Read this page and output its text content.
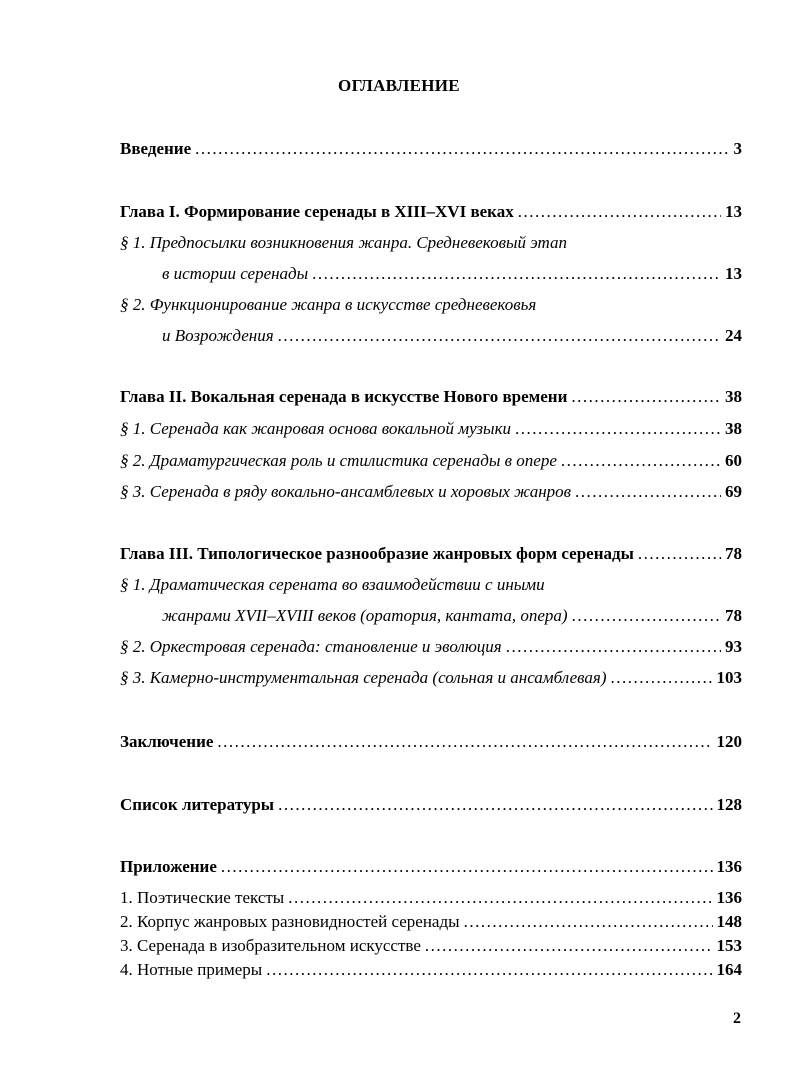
ОГЛАВЛЕНИЕ
Введение .....	3
Глава I. Формирование серенады в XIII–XVI веках .....	13
§ 1. Предпосылки возникновения жанра. Средневековый этап
в истории серенады .....	13
§ 2. Функционирование жанра в искусстве средневековья
и Возрождения .....	24
Глава II. Вокальная серенада в искусстве Нового времени .....	38
§ 1. Серенада как жанровая основа вокальной музыки .....	38
§ 2. Драматургическая роль и стилистика серенады в опере .....	60
§ 3. Серенада в ряду вокально-ансамблевых и хоровых жанров .....	69
Глава III. Типологическое разнообразие жанровых форм серенады .....	78
§ 1. Драматическая серената во взаимодействии с иными
жанрами XVII–XVIII веков (оратория, кантата, опера) .....	78
§ 2. Оркестровая серенада: становление и эволюция .....	93
§ 3. Камерно-инструментальная серенада (сольная и ансамблевая) .....	103
Заключение .....	120
Список литературы .....	128
Приложение .....	136
1. Поэтические тексты .....	136
2. Корпус жанровых разновидностей серенады .....	148
3. Серенада в изобразительном искусстве .....	153
4. Нотные примеры .....	164
2
